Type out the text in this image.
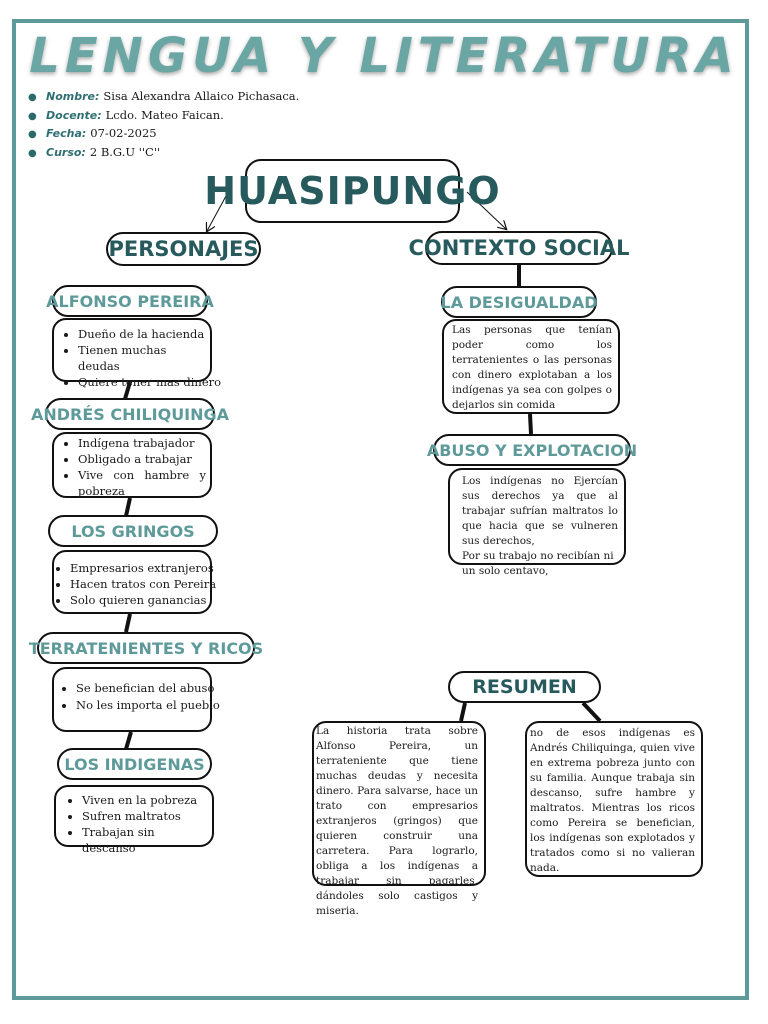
LENGUA Y LITERATURA
● Nombre: Sisa Alexandra Allaico Pichasaca.
● Docente: Lcdo. Mateo Faican.
● Fecha: 07-02-2025
● Curso: 2 B.G.U ''C''
HUASIPUNGO
PERSONAJES
ALFONSO PEREIRA
• Dueño de la hacienda
• Tienen muchas deudas
• Quiere tener mas dinero
ANDRÉS CHILIQUINGA
• Indígena trabajador
• Obligado a trabajar
• Vive con hambre y pobreza
LOS GRINGOS
• Empresarios extranjeros
• Hacen tratos con Pereira
• Solo quieren ganancias
TERRATENIENTES Y RICOS
• Se benefician del abuso
• No les importa el pueblo
LOS INDIGENAS
• Viven en la pobreza
• Sufren maltratos
• Trabajan sin descanso
CONTEXTO SOCIAL
LA DESIGUALDAD

Las personas que tenían poder como los terratenientes o las personas con dinero explotaban a los indígenas ya sea con golpes o dejarlos sin comida

ABUSO Y EXPLOTACION

Los indígenas no Ejercían sus derechos ya que al trabajar sufrían maltratos lo que hacia que se vulneren sus derechos,

Por su trabajo no recibían ni un solo centavo,

RESUMEN

La historia trata sobre Alfonso Pereira, un terrateniente que tiene muchas deudas y necesita dinero. Para salvarse, hace un trato con empresarios extranjeros (gringos) que quieren construir una carretera. Para lograrlo, obliga a los indígenas a trabajar sin pagarles, dándoles solo castigos y miseria.

no de esos indígenas es Andrés Chiliquinga, quien vive en extrema pobreza junto con su familia. Aunque trabaja sin descanso, sufre hambre y maltratos. Mientras los ricos como Pereira se benefician, los indígenas son explotados y tratados como si no valieran nada.
